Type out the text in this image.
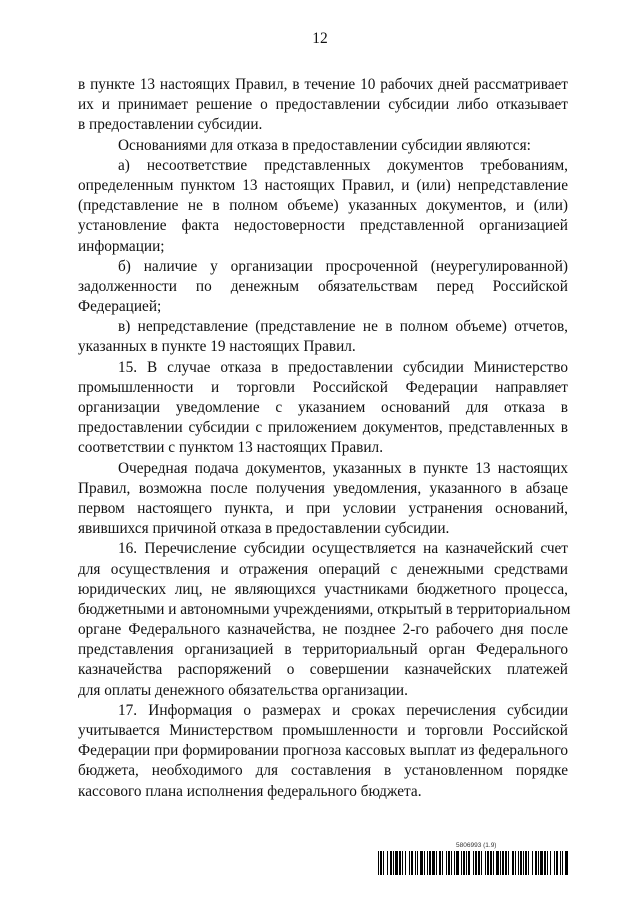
12
в пункте 13 настоящих Правил, в течение 10 рабочих дней рассматривает
их и принимает решение о предоставлении субсидии либо отказывает
в предоставлении субсидии.
Основаниями для отказа в предоставлении субсидии являются:
а) несоответствие представленных документов требованиям,
определенным пунктом 13 настоящих Правил, и (или) непредставление
(представление не в полном объеме) указанных документов, и (или)
установление факта недостоверности представленной организацией
информации;
б) наличие у организации просроченной (неурегулированной)
задолженности по денежным обязательствам перед Российской
Федерацией;
в) непредставление (представление не в полном объеме) отчетов,
указанных в пункте 19 настоящих Правил.
15. В случае отказа в предоставлении субсидии Министерство
промышленности и торговли Российской Федерации направляет
организации уведомление с указанием оснований для отказа в
предоставлении субсидии с приложением документов, представленных в
соответствии с пунктом 13 настоящих Правил.
Очередная подача документов, указанных в пункте 13 настоящих
Правил, возможна после получения уведомления, указанного в абзаце
первом настоящего пункта, и при условии устранения оснований,
явившихся причиной отказа в предоставлении субсидии.
16. Перечисление субсидии осуществляется на казначейский счет
для осуществления и отражения операций с денежными средствами
юридических лиц, не являющихся участниками бюджетного процесса,
бюджетными и автономными учреждениями, открытый в территориальном
органе Федерального казначейства, не позднее 2-го рабочего дня после
представления организацией в территориальный орган Федерального
казначейства распоряжений о совершении казначейских платежей
для оплаты денежного обязательства организации.
17. Информация о размерах и сроках перечисления субсидии
учитывается Министерством промышленности и торговли Российской
Федерации при формировании прогноза кассовых выплат из федерального
бюджета, необходимого для составления в установленном порядке
кассового плана исполнения федерального бюджета.
5806993 (1.9)
